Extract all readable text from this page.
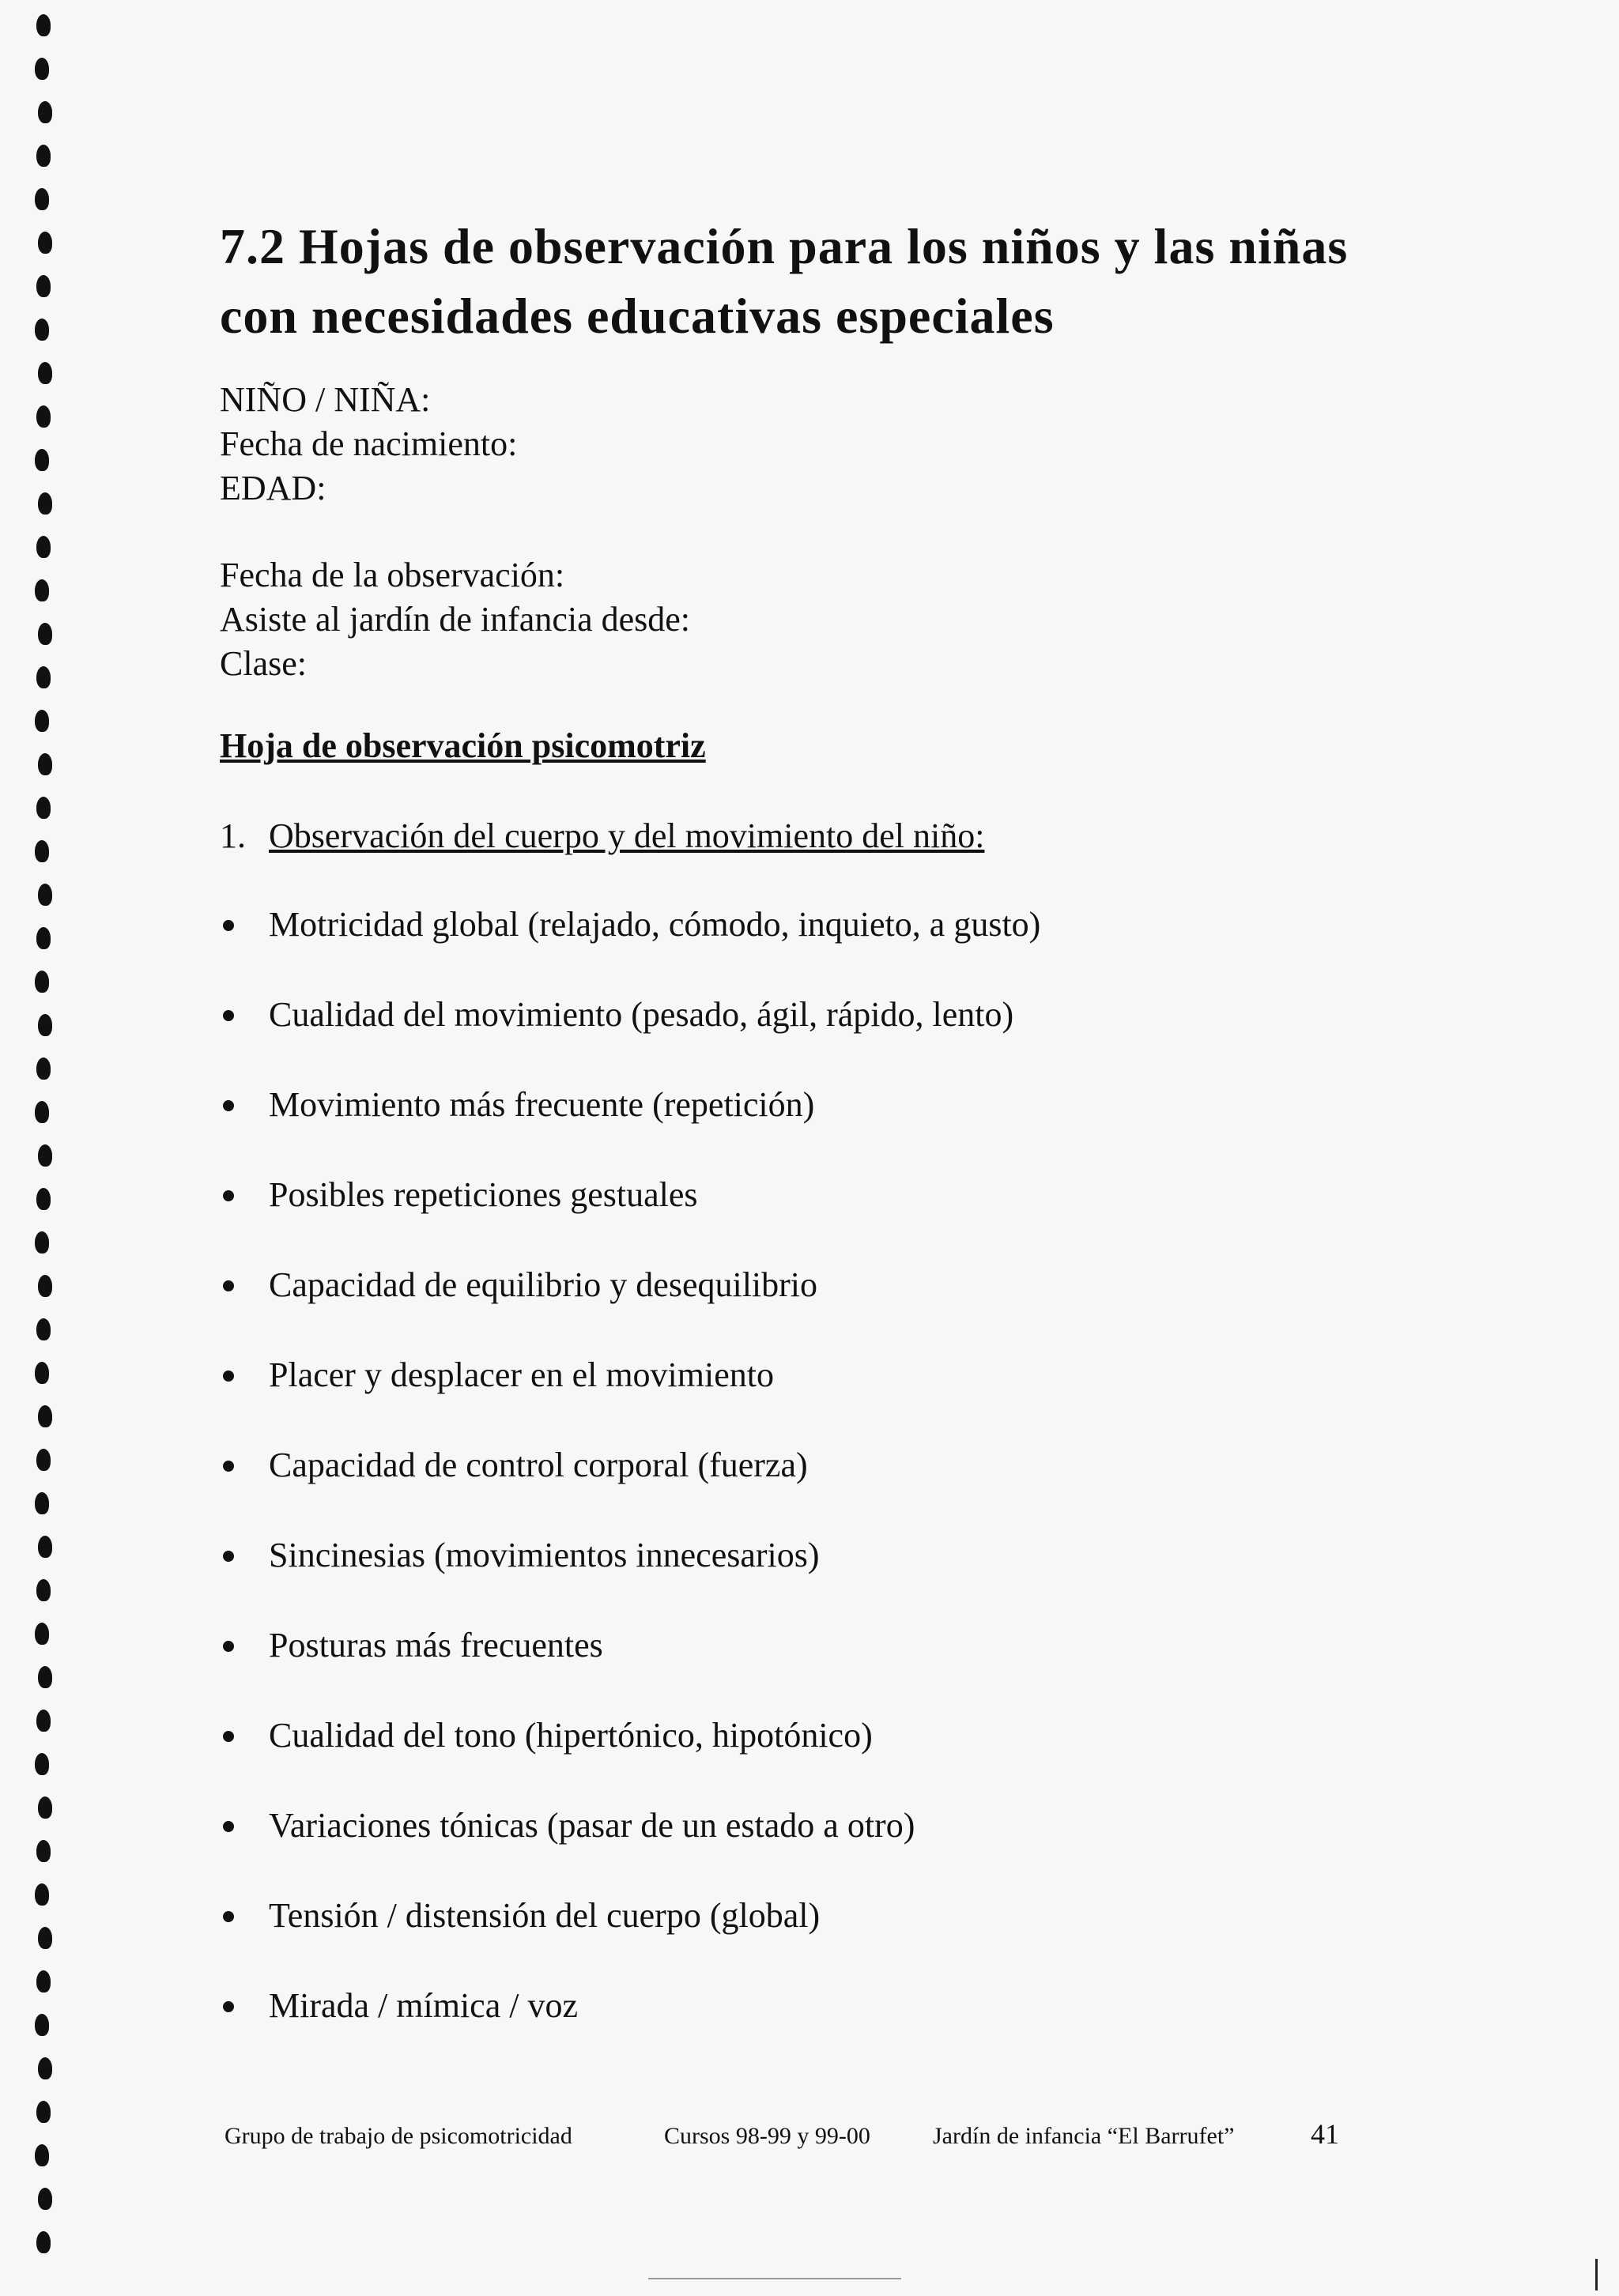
7.2 Hojas de observación para los niños y las niñas con necesidades educativas especiales
NIÑO / NIÑA:
Fecha de nacimiento:
EDAD:
Fecha de la observación:
Asiste al jardín de infancia desde:
Clase:
Hoja de observación psicomotriz
1. Observación del cuerpo y del movimiento del niño:
Motricidad global (relajado, cómodo, inquieto, a gusto)
Cualidad del movimiento (pesado, ágil, rápido, lento)
Movimiento más frecuente (repetición)
Posibles repeticiones gestuales
Capacidad de equilibrio y desequilibrio
Placer y desplacer en el movimiento
Capacidad de control corporal (fuerza)
Sincinesias (movimientos innecesarios)
Posturas más frecuentes
Cualidad del tono (hipertónico, hipotónico)
Variaciones tónicas (pasar de un estado a otro)
Tensión / distensión del cuerpo (global)
Mirada / mímica / voz
Grupo de trabajo de psicomotricidad	Cursos 98-99 y 99-00	Jardín de infancia “El Barrufet”	41
